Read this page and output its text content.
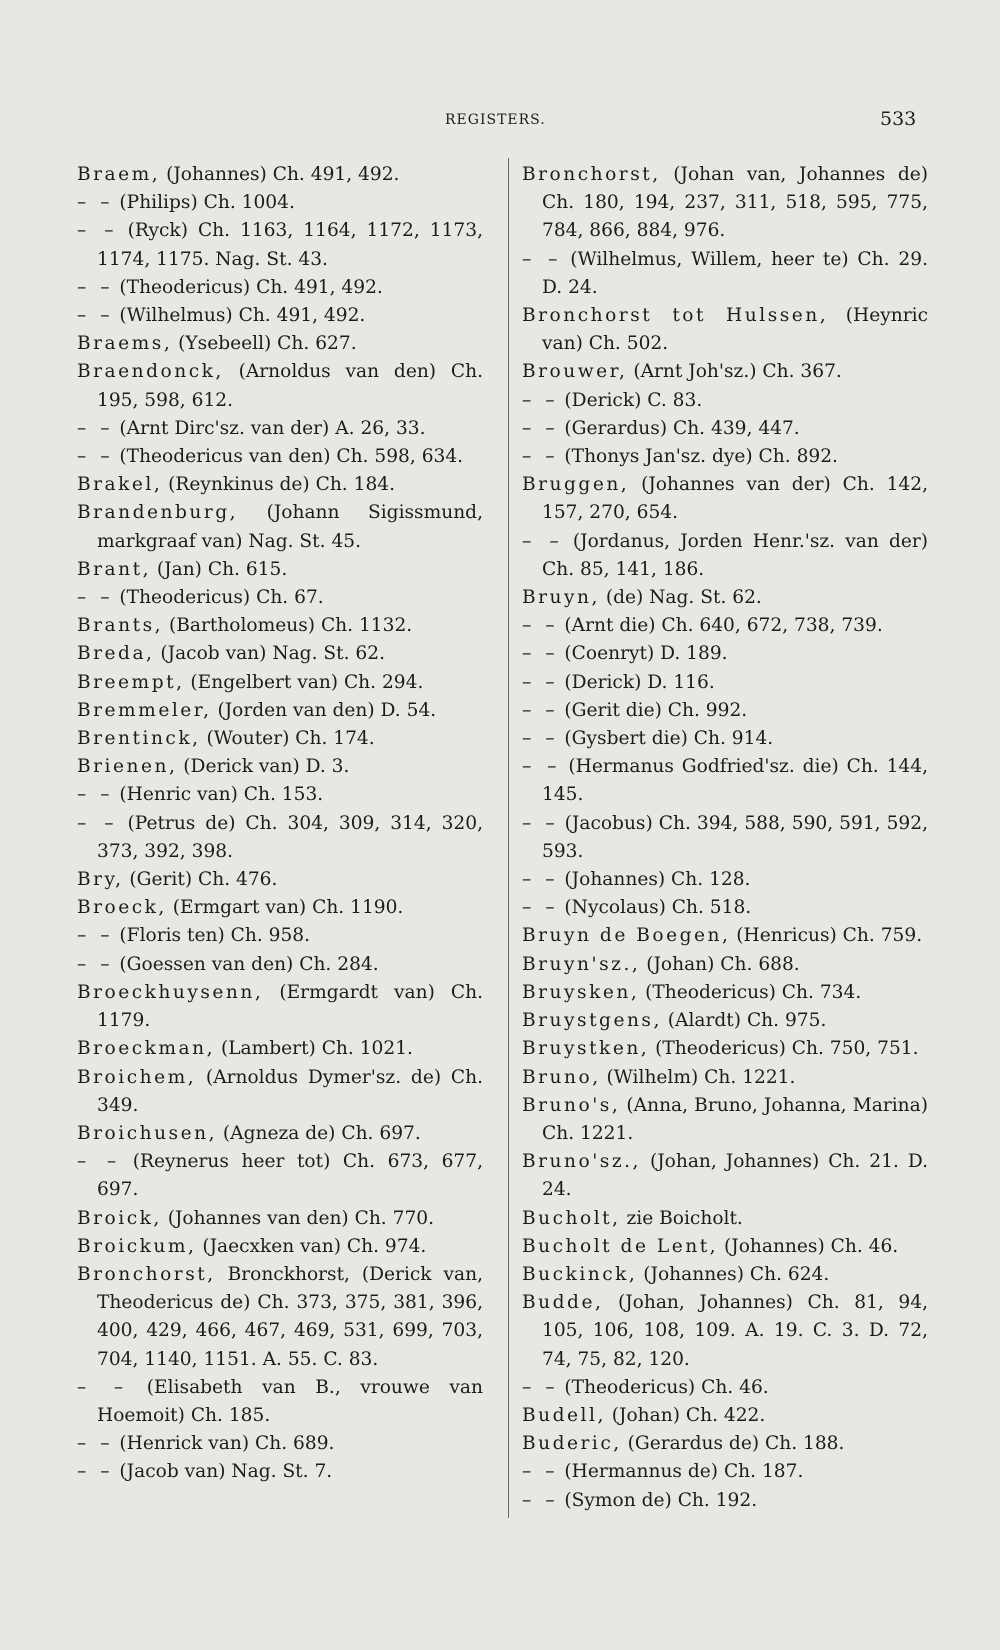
REGISTERS.	533
Braem, (Johannes) Ch. 491, 492.
– – (Philips) Ch. 1004.
– – (Ryck) Ch. 1163, 1164, 1172, 1173, 1174, 1175. Nag. St. 43.
– – (Theodericus) Ch. 491, 492.
– – (Wilhelmus) Ch. 491, 492.
Braems, (Ysebeell) Ch. 627.
Braendonck, (Arnoldus van den) Ch. 195, 598, 612.
– – (Arnt Dirc'sz. van der) A. 26, 33.
– – (Theodericus van den) Ch. 598, 634.
Brakel, (Reynkinus de) Ch. 184.
Brandenburg, (Johann Sigissmund, markgraaf van) Nag. St. 45.
Brant, (Jan) Ch. 615.
– – (Theodericus) Ch. 67.
Brants, (Bartholomeus) Ch. 1132.
Breda, (Jacob van) Nag. St. 62.
Breempt, (Engelbert van) Ch. 294.
Bremmeler, (Jorden van den) D. 54.
Brentinck, (Wouter) Ch. 174.
Brienen, (Derick van) D. 3.
– – (Henric van) Ch. 153.
– – (Petrus de) Ch. 304, 309, 314, 320, 373, 392, 398.
Bry, (Gerit) Ch. 476.
Broeck, (Ermgart van) Ch. 1190.
– – (Floris ten) Ch. 958.
– – (Goessen van den) Ch. 284.
Broeckhuysenn, (Ermgardt van) Ch. 1179.
Broeckman, (Lambert) Ch. 1021.
Broichem, (Arnoldus Dymer'sz. de) Ch. 349.
Broichusen, (Agneza de) Ch. 697.
– – (Reynerus heer tot) Ch. 673, 677, 697.
Broick, (Johannes van den) Ch. 770.
Broickum, (Jaecxken van) Ch. 974.
Bronchorst, Bronckhorst, (Derick van, Theodericus de) Ch. 373, 375, 381, 396, 400, 429, 466, 467, 469, 531, 699, 703, 704, 1140, 1151. A. 55. C. 83.
– – (Elisabeth van B., vrouwe van Hoemoit) Ch. 185.
– – (Henrick van) Ch. 689.
– – (Jacob van) Nag. St. 7.
Bronchorst, (Johan van, Johannes de) Ch. 180, 194, 237, 311, 518, 595, 775, 784, 866, 884, 976.
– – (Wilhelmus, Willem, heer te) Ch. 29. D. 24.
Bronchorst tot Hulssen, (Heynric van) Ch. 502.
Brouwer, (Arnt Joh'sz.) Ch. 367.
– – (Derick) C. 83.
– – (Gerardus) Ch. 439, 447.
– – (Thonys Jan'sz. dye) Ch. 892.
Bruggen, (Johannes van der) Ch. 142, 157, 270, 654.
– – (Jordanus, Jorden Henr.'sz. van der) Ch. 85, 141, 186.
Bruyn, (de) Nag. St. 62.
– – (Arnt die) Ch. 640, 672, 738, 739.
– – (Coenryt) D. 189.
– – (Derick) D. 116.
– – (Gerit die) Ch. 992.
– – (Gysbert die) Ch. 914.
– – (Hermanus Godfried'sz. die) Ch. 144, 145.
– – (Jacobus) Ch. 394, 588, 590, 591, 592, 593.
– – (Johannes) Ch. 128.
– – (Nycolaus) Ch. 518.
Bruyn de Boegen, (Henricus) Ch. 759.
Bruyn'sz., (Johan) Ch. 688.
Bruysken, (Theodericus) Ch. 734.
Bruystgens, (Alardt) Ch. 975.
Bruystken, (Theodericus) Ch. 750, 751.
Bruno, (Wilhelm) Ch. 1221.
Bruno's, (Anna, Bruno, Johanna, Marina) Ch. 1221.
Bruno'sz., (Johan, Johannes) Ch. 21. D. 24.
Bucholt, zie Boicholt.
Bucholt de Lent, (Johannes) Ch. 46.
Buckinck, (Johannes) Ch. 624.
Budde, (Johan, Johannes) Ch. 81, 94, 105, 106, 108, 109. A. 19. C. 3. D. 72, 74, 75, 82, 120.
– – (Theodericus) Ch. 46.
Budell, (Johan) Ch. 422.
Buderic, (Gerardus de) Ch. 188.
– – (Hermannus de) Ch. 187.
– – (Symon de) Ch. 192.
